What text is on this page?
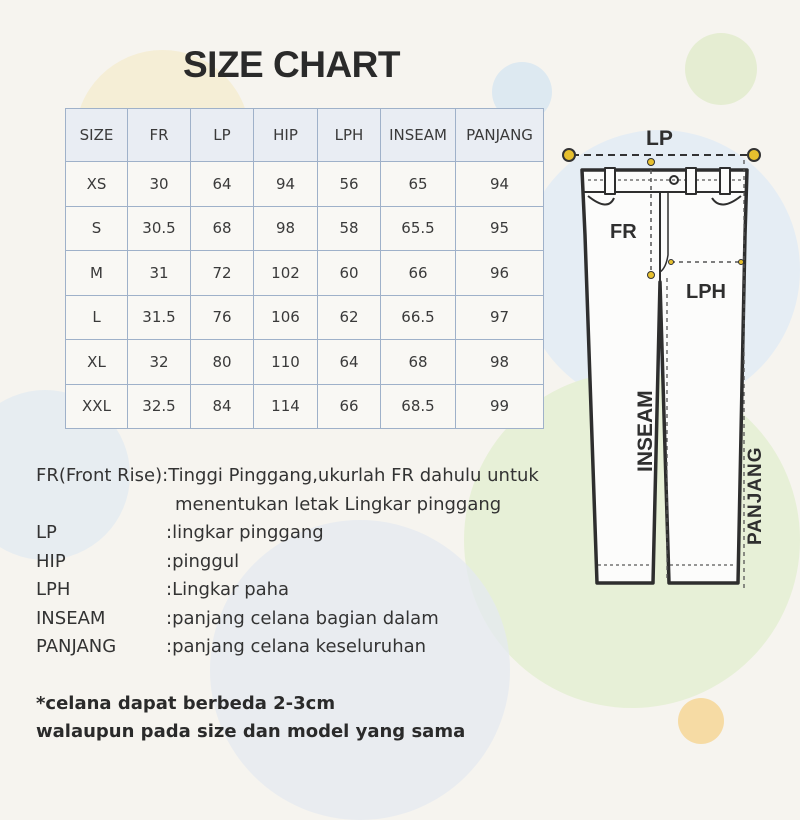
SIZE CHART
SIZE	FR	LP	HIP	LPH	INSEAM	PANJANG
XS	30	64	94	56	65	94
S	30.5	68	98	58	65.5	95
M	31	72	102	60	66	96
L	31.5	76	106	62	66.5	97
XL	32	80	110	64	68	98
XXL	32.5	84	114	66	68.5	99
FR(Front Rise) :Tinggi Pinggang,ukurlah FR dahulu untuk
menentukan letak Lingkar pinggang
LP	:lingkar pinggang
HIP	:pinggul
LPH	:Lingkar paha
INSEAM	:panjang celana bagian dalam
PANJANG	:panjang celana keseluruhan
*celana dapat berbeda 2-3cm
walaupun pada size dan model yang sama
LP
FR
LPH
INSEAM
PANJANG
